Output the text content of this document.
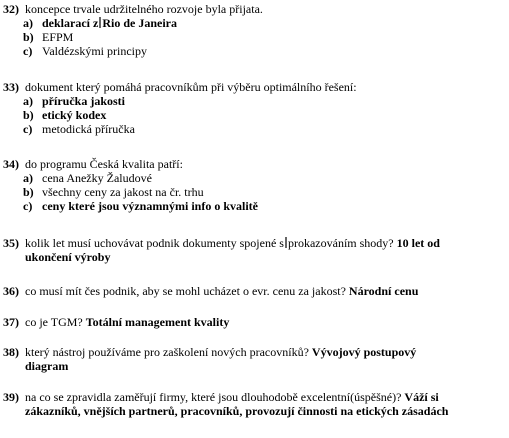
32) koncepce trvale udržitelného rozvoje byla přijata.
a) deklarací z Rio de Janeira
b) EFPM
c) Valdézskými principy
33) dokument který pomáhá pracovníkům při výběru optimálního řešení:
a) příručka jakosti
b) etický kodex
c) metodická příručka
34) do programu Česká kvalita patří:
a) cena Anežky Žaludové
b) všechny ceny za jakost na čr. trhu
c) ceny které jsou významnými info o kvalitě
35) kolik let musí uchovávat podnik dokumenty spojené s prokazováním shody? 10 let od
ukončení výroby
36) co musí mít čes podnik, aby se mohl ucházet o evr. cenu za jakost? Národní cenu
37) co je TGM? Totální management kvality
38) který nástroj používáme pro zaškolení nových pracovníků? Vývojový postupový
diagram
39) na co se zpravidla zaměřují firmy, které jsou dlouhodobě excelentní(úspěšné)? Váží si
zákazníků, vnějších partnerů, pracovníků, provozují činnosti na etických zásadách
